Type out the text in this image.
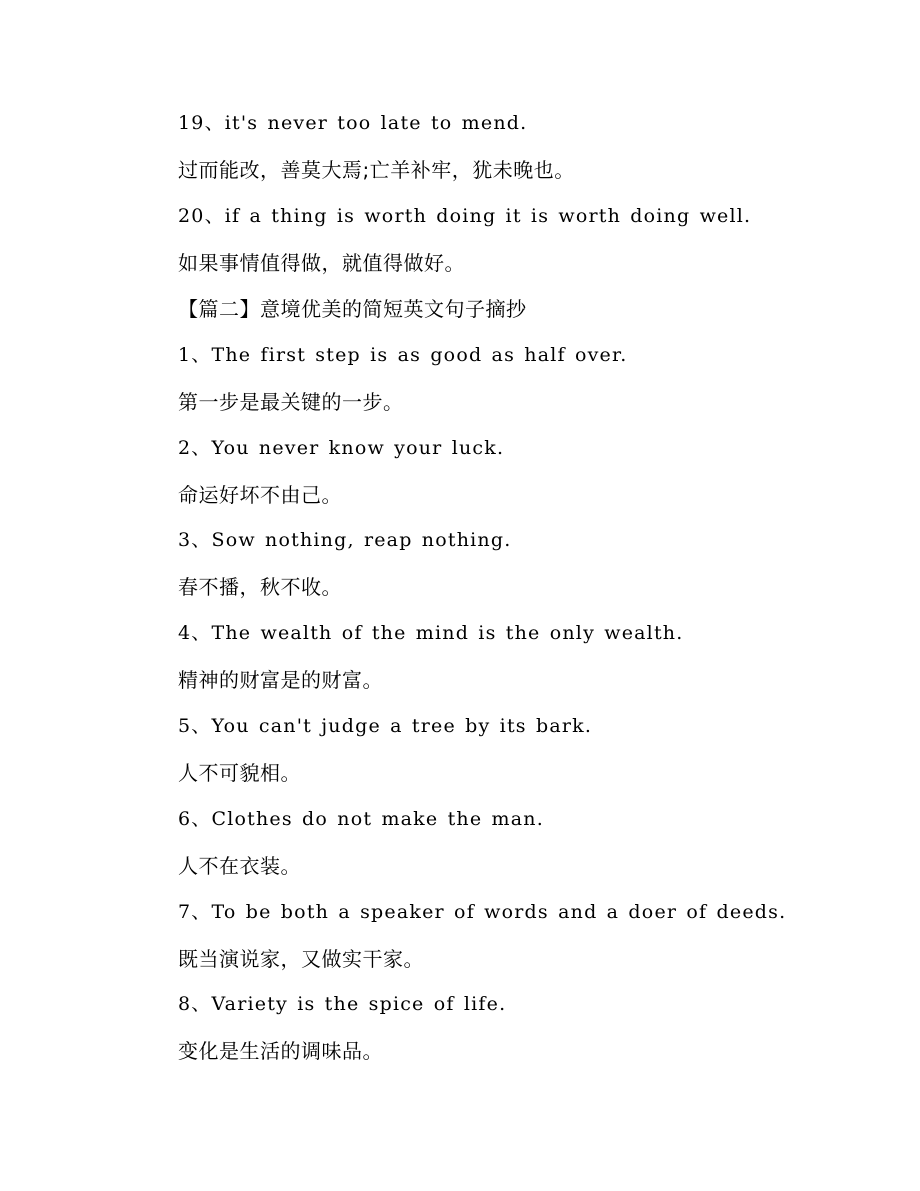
19、it's never too late to mend.
过而能改，善莫大焉;亡羊补牢，犹未晚也。
20、if a thing is worth doing it is worth doing well.
如果事情值得做，就值得做好。
【篇二】意境优美的简短英文句子摘抄
1、The first step is as good as half over.
第一步是最关键的一步。
2、You never know your luck.
命运好坏不由己。
3、Sow nothing, reap nothing.
春不播，秋不收。
4、The wealth of the mind is the only wealth.
精神的财富是的财富。
5、You can't judge a tree by its bark.
人不可貌相。
6、Clothes do not make the man.
人不在衣装。
7、To be both a speaker of words and a doer of deeds.
既当演说家，又做实干家。
8、Variety is the spice of life.
变化是生活的调味品。
